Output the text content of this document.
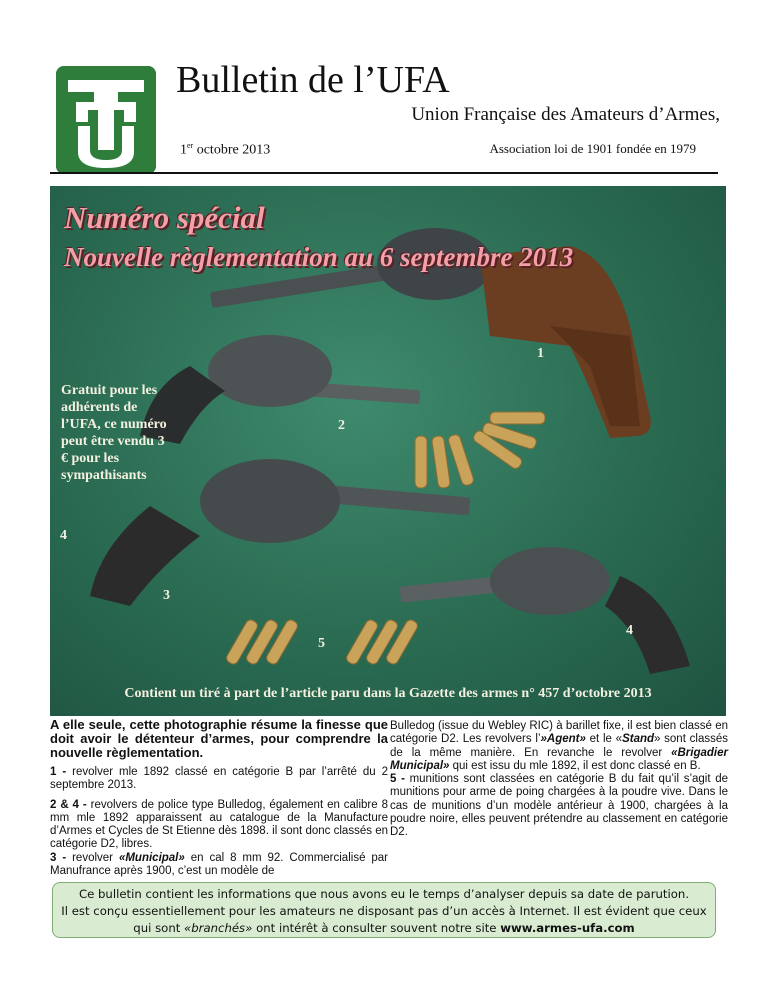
Bulletin de l’UFA
Union Française des Amateurs d’Armes,
1er octobre 2013	Association loi de 1901 fondée en 1979
Numéro spécial
Nouvelle règlementation au 6 septembre 2013
Gratuit pour les adhérents de l’UFA, ce numéro peut être vendu 3 € pour les sympathisants
1
2
4
3
5
4
Contient un tiré à part de l’article paru dans la Gazette des armes n° 457 d’octobre 2013

A elle seule, cette photographie résume la finesse que doit avoir le détenteur d’armes, pour comprendre la nouvelle règlementation.

1 - revolver mle 1892 classé en catégorie B par l’arrêté du 2 septembre 2013.

2 & 4 - revolvers de police type Bulledog, également en calibre 8 mm mle 1892 apparaissent au catalogue de la Manufacture d’Armes et Cycles de St Etienne dès 1898. il sont donc classés en catégorie D2, libres.
3 - revolver «Municipal» en cal 8 mm 92. Commercialisé par Manufrance après 1900, c’est un modèle de

Bulledog (issue du Webley RIC) à barillet fixe, il est bien classé en catégorie D2. Les revolvers l’»Agent» et le «Stand» sont classés de la même manière. En revanche le revolver «Brigadier Municipal» qui est issu du mle 1892, il est donc classé en B.
5 - munitions sont classées en catégorie B du fait qu’il s’agit de munitions pour arme de poing chargées à la poudre vive. Dans le cas de munitions d’un modèle antérieur à 1900, chargées à la poudre noire, elles peuvent prétendre au classement en catégorie D2.

Ce bulletin contient les informations que nous avons eu le temps d’analyser depuis sa date de parution.
Il est conçu essentiellement pour les amateurs ne disposant pas d’un accès à Internet. Il est évident que ceux qui sont «branchés» ont intérêt à consulter souvent notre site www.armes-ufa.com
